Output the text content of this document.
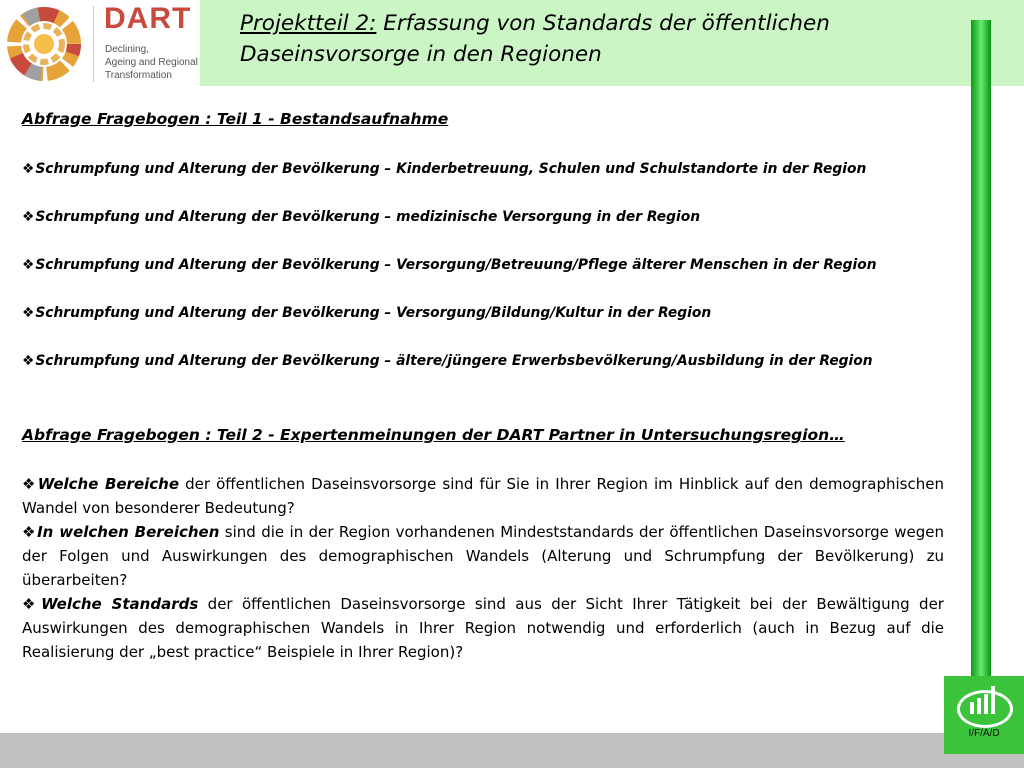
DART
Declining,
Ageing and Regional
Transformation
Projektteil 2: Erfassung von Standards der öffentlichen Daseinsvorsorge in den Regionen
Abfrage Fragebogen : Teil 1 - Bestandsaufnahme
❖Schrumpfung und Alterung der Bevölkerung – Kinderbetreuung, Schulen und Schulstandorte in der Region
❖Schrumpfung und Alterung der Bevölkerung – medizinische Versorgung in der Region
❖Schrumpfung und Alterung der Bevölkerung – Versorgung/Betreuung/Pflege älterer Menschen in der Region
❖Schrumpfung und Alterung der Bevölkerung – Versorgung/Bildung/Kultur in der Region
❖Schrumpfung und Alterung der Bevölkerung – ältere/jüngere Erwerbsbevölkerung/Ausbildung in der Region
Abfrage Fragebogen : Teil 2 - Expertenmeinungen der DART Partner in Untersuchungsregion…
❖Welche Bereiche der öffentlichen Daseinsvorsorge sind für Sie in Ihrer Region im Hinblick auf den demographischen Wandel von besonderer Bedeutung?
❖In welchen Bereichen sind die in der Region vorhandenen Mindeststandards der öffentlichen Daseinsvorsorge wegen der Folgen und Auswirkungen des demographischen Wandels (Alterung und Schrumpfung der Bevölkerung) zu überarbeiten?
❖Welche Standards der öffentlichen Daseinsvorsorge sind aus der Sicht Ihrer Tätigkeit bei der Bewältigung der Auswirkungen des demographischen Wandels in Ihrer Region notwendig und erforderlich (auch in Bezug auf die Realisierung der „best practice“ Beispiele in Ihrer Region)?
I/F/A/D
